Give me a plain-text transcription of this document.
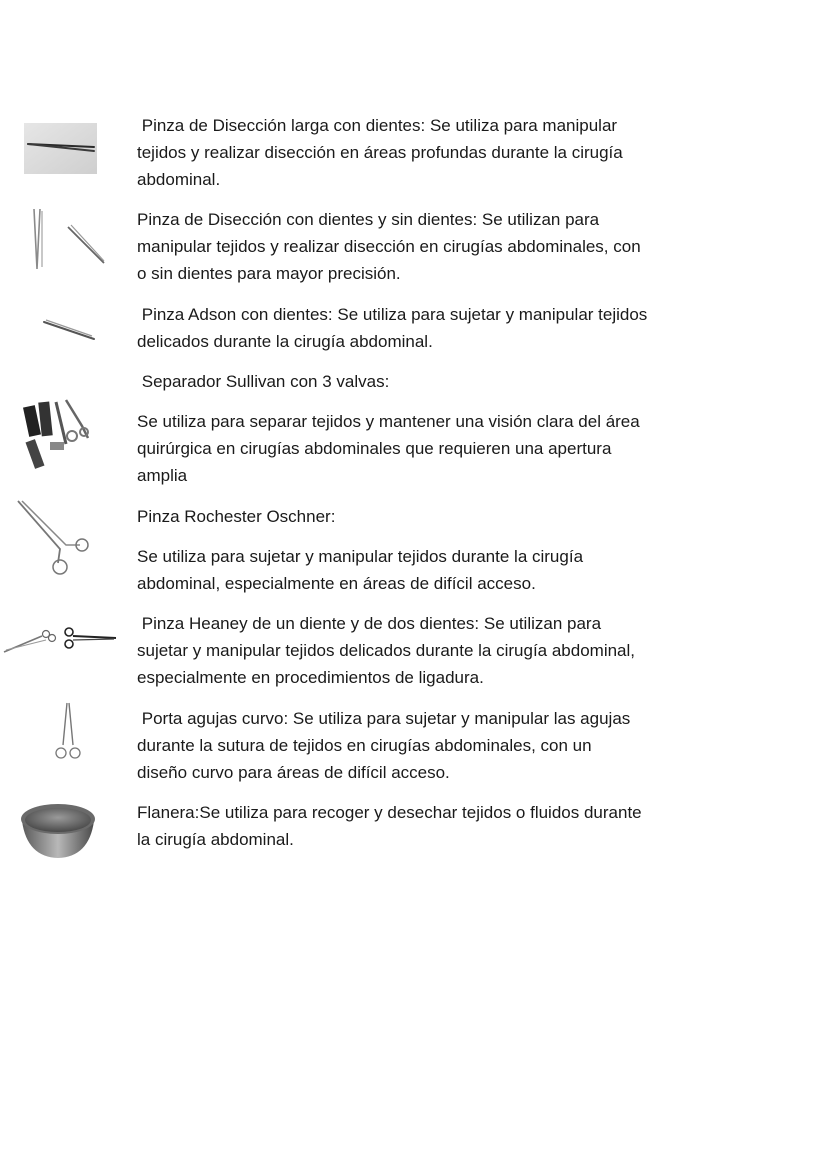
Pinza de Disección larga con dientes: Se utiliza para manipular
tejidos y realizar disección en áreas profundas durante la cirugía
abdominal.

Pinza de Disección con dientes y sin dientes: Se utilizan para
manipular tejidos y realizar disección en cirugías abdominales, con
o sin dientes para mayor precisión.

Pinza Adson con dientes: Se utiliza para sujetar y manipular tejidos
delicados durante la cirugía abdominal.

Separador Sullivan con 3 valvas:

Se utiliza para separar tejidos y mantener una visión clara del área
quirúrgica en cirugías abdominales que requieren una apertura
amplia

Pinza Rochester Oschner:

Se utiliza para sujetar y manipular tejidos durante la cirugía
abdominal, especialmente en áreas de difícil acceso.

Pinza Heaney de un diente y de dos dientes: Se utilizan para
sujetar y manipular tejidos delicados durante la cirugía abdominal,
especialmente en procedimientos de ligadura.

Porta agujas curvo: Se utiliza para sujetar y manipular las agujas
durante la sutura de tejidos en cirugías abdominales, con un
diseño curvo para áreas de difícil acceso.

Flanera:Se utiliza para recoger y desechar tejidos o fluidos durante
la cirugía abdominal.
